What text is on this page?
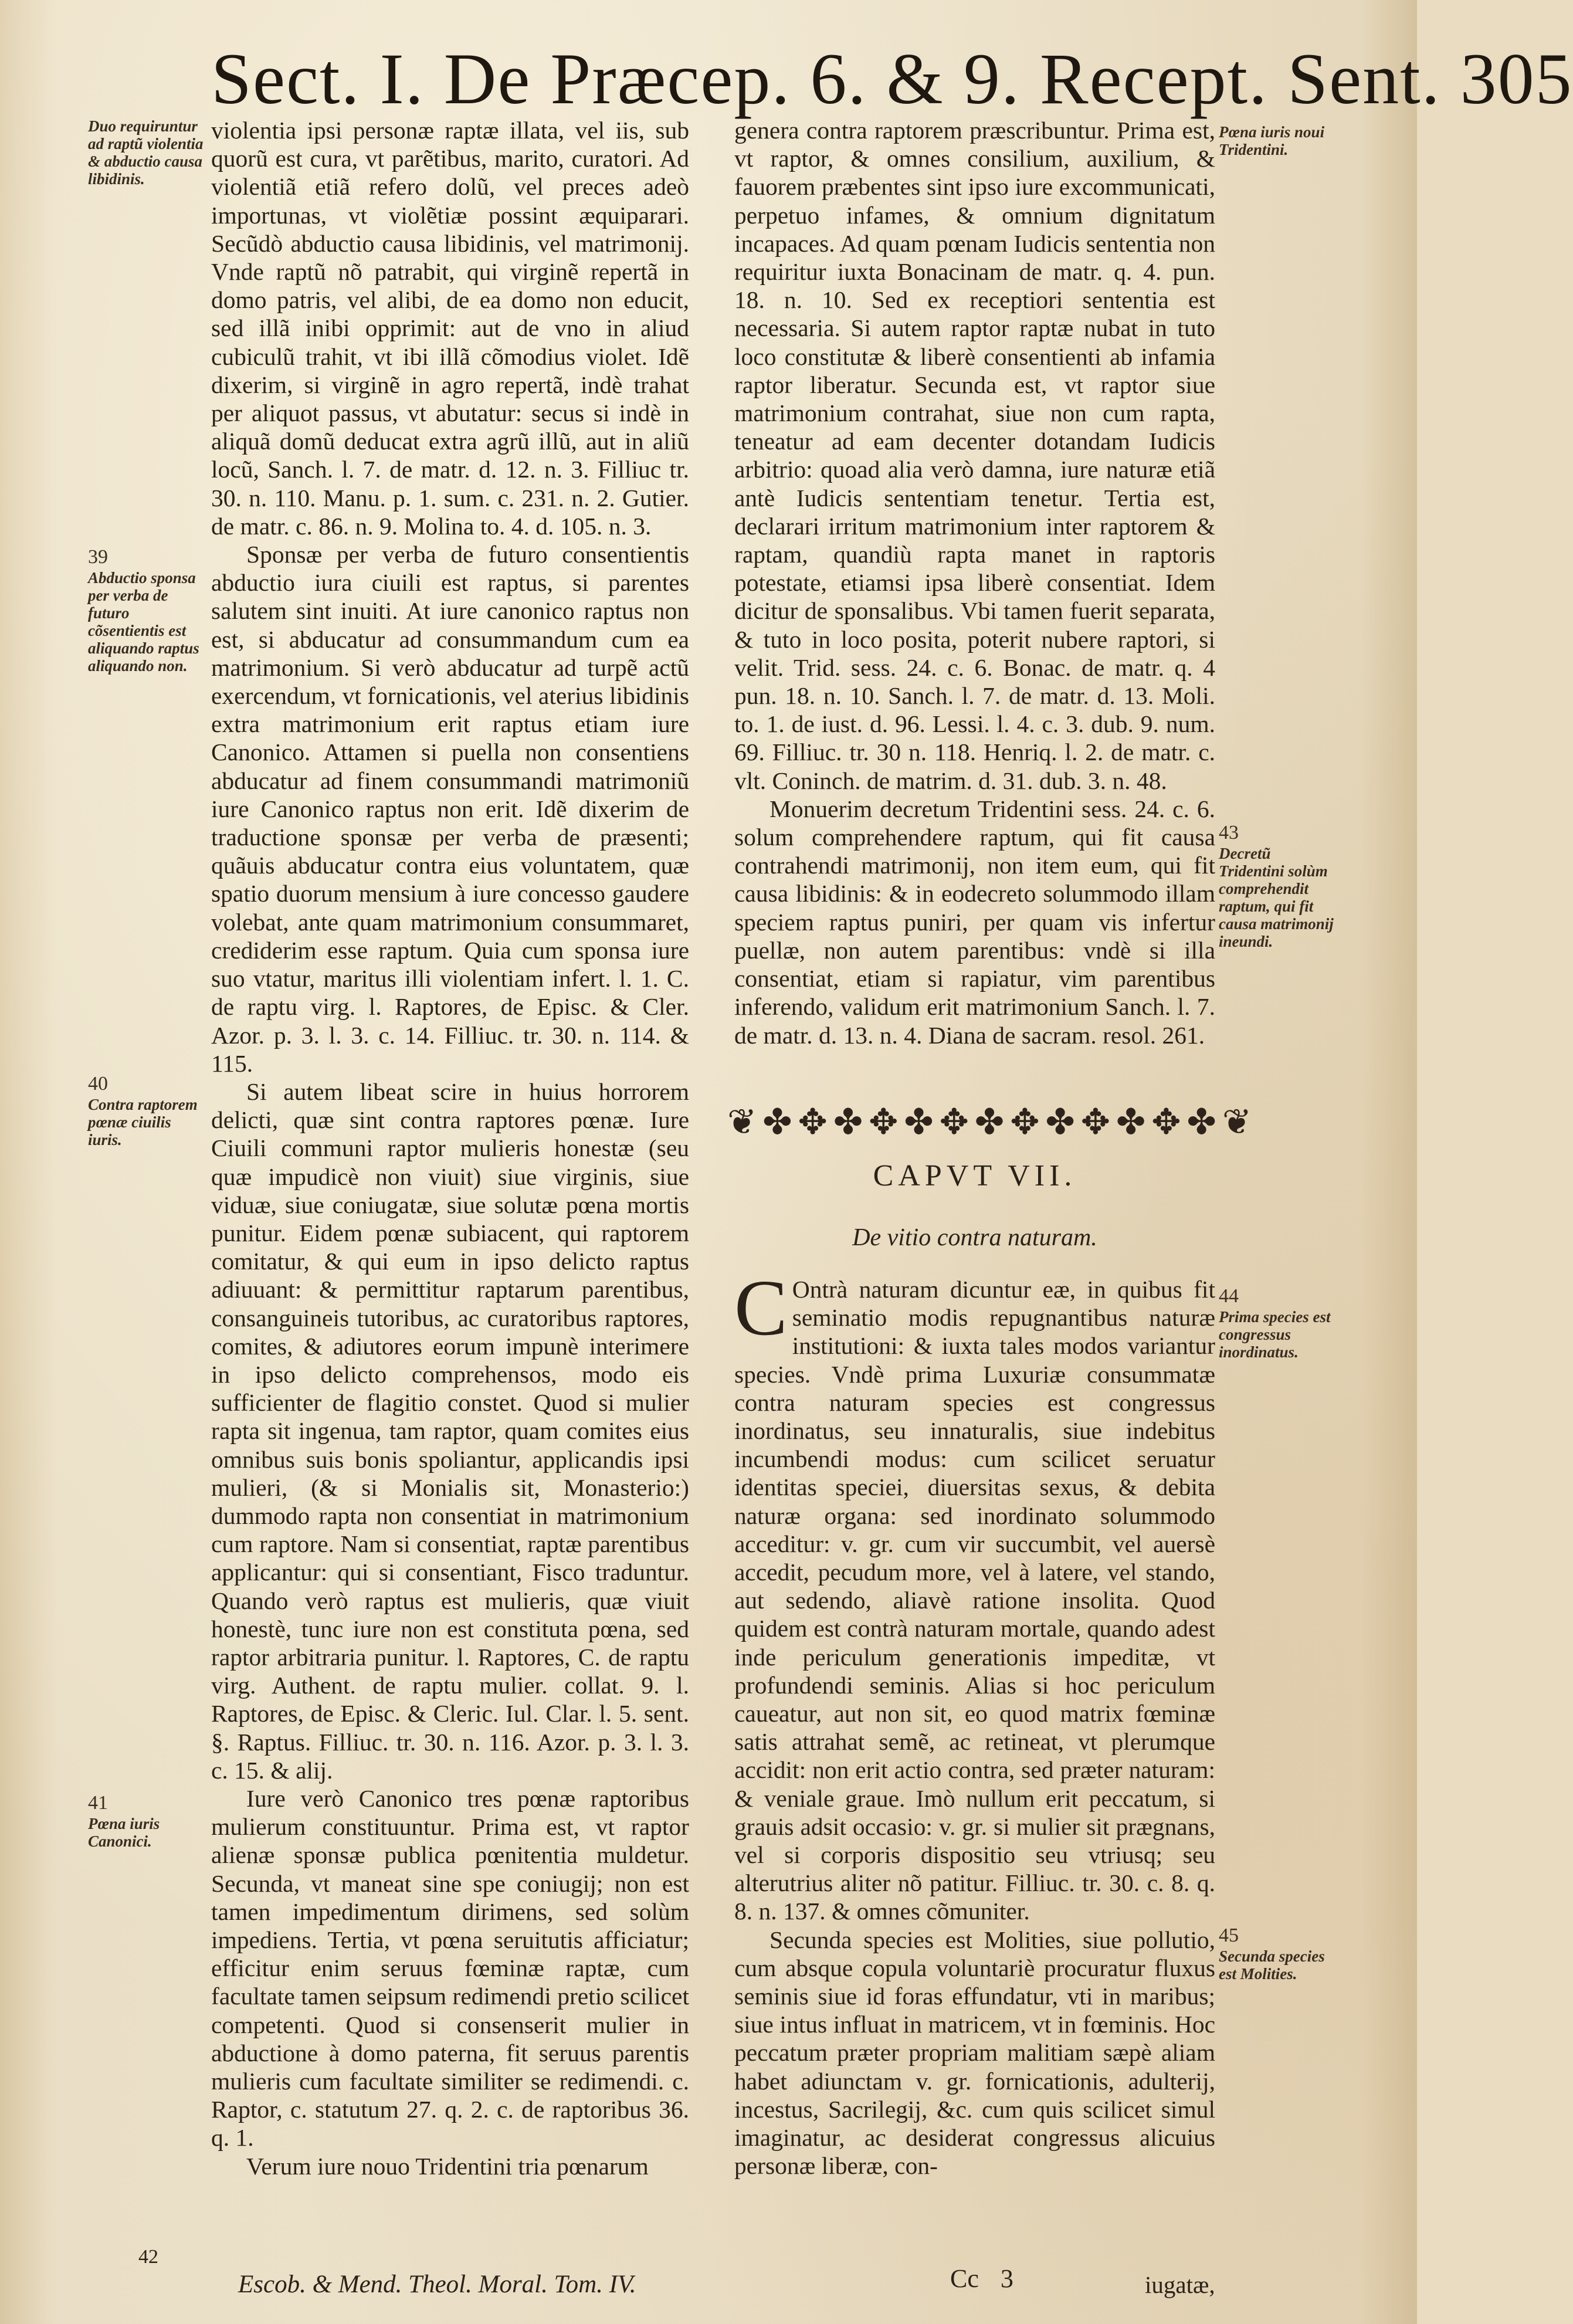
Sect. I. De Præcep. 6. & 9. Recept. Sent. 305
Duo requiruntur ad raptũ violentia & abductio causa libidinis.
39
Abductio sponsa per verba de futuro cõsentientis est aliquando raptus aliquando non.
40
Contra raptorem pœnæ ciuilis iuris.
41
Pœna iuris Canonici.
42

violentia ipsi personæ raptæ illata, vel iis, sub quorũ est cura, vt parẽtibus, marito, curatori. Ad violentiã etiã refero dolũ, vel preces adeò importunas, vt violẽtiæ possint æquiparari. Secũdò abductio causa libidinis, vel matrimonij. Vnde raptũ nõ patrabit, qui virginẽ repertã in domo patris, vel alibi, de ea domo non educit, sed illã inibi opprimit: aut de vno in aliud cubiculũ trahit, vt ibi illã cõmodius violet. Idẽ dixerim, si virginẽ in agro repertã, indè trahat per aliquot passus, vt abutatur: secus si indè in aliquã domũ deducat extra agrũ illũ, aut in aliũ locũ, Sanch. l. 7. de matr. d. 12. n. 3. Filliuc tr. 30. n. 110. Manu. p. 1. sum. c. 231. n. 2. Gutier. de matr. c. 86. n. 9. Molina to. 4. d. 105. n. 3.

Sponsæ per verba de futuro consentientis abductio iura ciuili est raptus, si parentes salutem sint inuiti. At iure canonico raptus non est, si abducatur ad consummandum cum ea matrimonium. Si verò abducatur ad turpẽ actũ exercendum, vt fornicationis, vel aterius libidinis extra matrimonium erit raptus etiam iure Canonico. Attamen si puella non consentiens abducatur ad finem consummandi matrimoniũ iure Canonico raptus non erit. Idẽ dixerim de traductione sponsæ per verba de præsenti; quãuis abducatur contra eius voluntatem, quæ spatio duorum mensium à iure concesso gaudere volebat, ante quam matrimonium consummaret, crediderim esse raptum. Quia cum sponsa iure suo vtatur, maritus illi violentiam infert. l. 1. C. de raptu virg. l. Raptores, de Episc. & Cler. Azor. p. 3. l. 3. c. 14. Filliuc. tr. 30. n. 114. & 115.

Si autem libeat scire in huius horrorem delicti, quæ sint contra raptores pœnæ. Iure Ciuili communi raptor mulieris honestæ (seu quæ impudicè non viuit) siue virginis, siue viduæ, siue coniugatæ, siue solutæ pœna mortis punitur. Eidem pœnæ subiacent, qui raptorem comitatur, & qui eum in ipso delicto raptus adiuuant: & permittitur raptarum parentibus, consanguineis tutoribus, ac curatoribus raptores, comites, & adiutores eorum impunè interimere in ipso delicto comprehensos, modo eis sufficienter de flagitio constet. Quod si mulier rapta sit ingenua, tam raptor, quam comites eius omnibus suis bonis spoliantur, applicandis ipsi mulieri, (& si Monialis sit, Monasterio:) dummodo rapta non consentiat in matrimonium cum raptore. Nam si consentiat, raptæ parentibus applicantur: qui si consentiant, Fisco traduntur. Quando verò raptus est mulieris, quæ viuit honestè, tunc iure non est constituta pœna, sed raptor arbitraria punitur. l. Raptores, C. de raptu virg. Authent. de raptu mulier. collat. 9. l. Raptores, de Episc. & Cleric. Iul. Clar. l. 5. sent. §. Raptus. Filliuc. tr. 30. n. 116. Azor. p. 3. l. 3. c. 15. & alij.

Iure verò Canonico tres pœnæ raptoribus mulierum constituuntur. Prima est, vt raptor alienæ sponsæ publica pœnitentia muldetur. Secunda, vt maneat sine spe coniugij; non est tamen impedimentum dirimens, sed solùm impediens. Tertia, vt pœna seruitutis afficiatur; efficitur enim seruus fœminæ raptæ, cum facultate tamen seipsum redimendi pretio scilicet competenti. Quod si consenserit mulier in abductione à domo paterna, fit seruus parentis mulieris cum facultate similiter se redimendi. c. Raptor, c. statutum 27. q. 2. c. de raptoribus 36. q. 1.

Verum iure nouo Tridentini tria pœnarum

Pœna iuris noui Tridentini.
43
Decretũ Tridentini solùm comprehendit raptum, qui fit causa matrimonij ineundi.
44
Prima species est congressus inordinatus.
45
Secunda species est Molities.

genera contra raptorem præscribuntur. Prima est, vt raptor, & omnes consilium, auxilium, & fauorem præbentes sint ipso iure excommunicati, perpetuo infames, & omnium dignitatum incapaces. Ad quam pœnam Iudicis sententia non requiritur iuxta Bonacinam de matr. q. 4. pun. 18. n. 10. Sed ex receptiori sententia est necessaria. Si autem raptor raptæ nubat in tuto loco constitutæ & liberè consentienti ab infamia raptor liberatur. Secunda est, vt raptor siue matrimonium contrahat, siue non cum rapta, teneatur ad eam decenter dotandam Iudicis arbitrio: quoad alia verò damna, iure naturæ etiã antè Iudicis sententiam tenetur. Tertia est, declarari irritum matrimonium inter raptorem & raptam, quandiù rapta manet in raptoris potestate, etiamsi ipsa liberè consentiat. Idem dicitur de sponsalibus. Vbi tamen fuerit separata, & tuto in loco posita, poterit nubere raptori, si velit. Trid. sess. 24. c. 6. Bonac. de matr. q. 4 pun. 18. n. 10. Sanch. l. 7. de matr. d. 13. Moli. to. 1. de iust. d. 96. Lessi. l. 4. c. 3. dub. 9. num. 69. Filliuc. tr. 30 n. 118. Henriq. l. 2. de matr. c. vlt. Coninch. de matrim. d. 31. dub. 3. n. 48.

Monuerim decretum Tridentini sess. 24. c. 6. solum comprehendere raptum, qui fit causa contrahendi matrimonij, non item eum, qui fit causa libidinis: & in eodecreto solummodo illam speciem raptus puniri, per quam vis infertur puellæ, non autem parentibus: vndè si illa consentiat, etiam si rapiatur, vim parentibus inferendo, validum erit matrimonium Sanch. l. 7. de matr. d. 13. n. 4. Diana de sacram. resol. 261.

❦✤✥✤✥✤✥✤✥✤✥✤✥✤❦
CAPVT VII.
De vitio contra naturam.

C Ontrà naturam dicuntur eæ, in quibus fit seminatio modis repugnantibus naturæ institutioni: & iuxta tales modos variantur species. Vndè prima Luxuriæ consummatæ contra naturam species est congressus inordinatus, seu innaturalis, siue indebitus incumbendi modus: cum scilicet seruatur identitas speciei, diuersitas sexus, & debita naturæ organa: sed inordinato solummodo acceditur: v. gr. cum vir succumbit, vel auersè accedit, pecudum more, vel à latere, vel stando, aut sedendo, aliavè ratione insolita. Quod quidem est contrà naturam mortale, quando adest inde periculum generationis impeditæ, vt profundendi seminis. Alias si hoc periculum caueatur, aut non sit, eo quod matrix fœminæ satis attrahat semẽ, ac retineat, vt plerumque accidit: non erit actio contra, sed præter naturam: & veniale graue. Imò nullum erit peccatum, si grauis adsit occasio: v. gr. si mulier sit prægnans, vel si corporis dispositio seu vtriusq; seu alterutrius aliter nõ patitur. Filliuc. tr. 30. c. 8. q. 8. n. 137. & omnes cõmuniter.

Secunda species est Molities, siue pollutio, cum absque copula voluntariè procuratur fluxus seminis siue id foras effundatur, vti in maribus; siue intus influat in matricem, vt in fœminis. Hoc peccatum præter propriam malitiam sæpè aliam habet adiunctam v. gr. fornicationis, adulterij, incestus, Sacrilegij, &c. cum quis scilicet simul imaginatur, ac desiderat congressus alicuius personæ liberæ, con-

Escob. & Mend. Theol. Moral. Tom. IV.	Cc 3	iugatæ,
